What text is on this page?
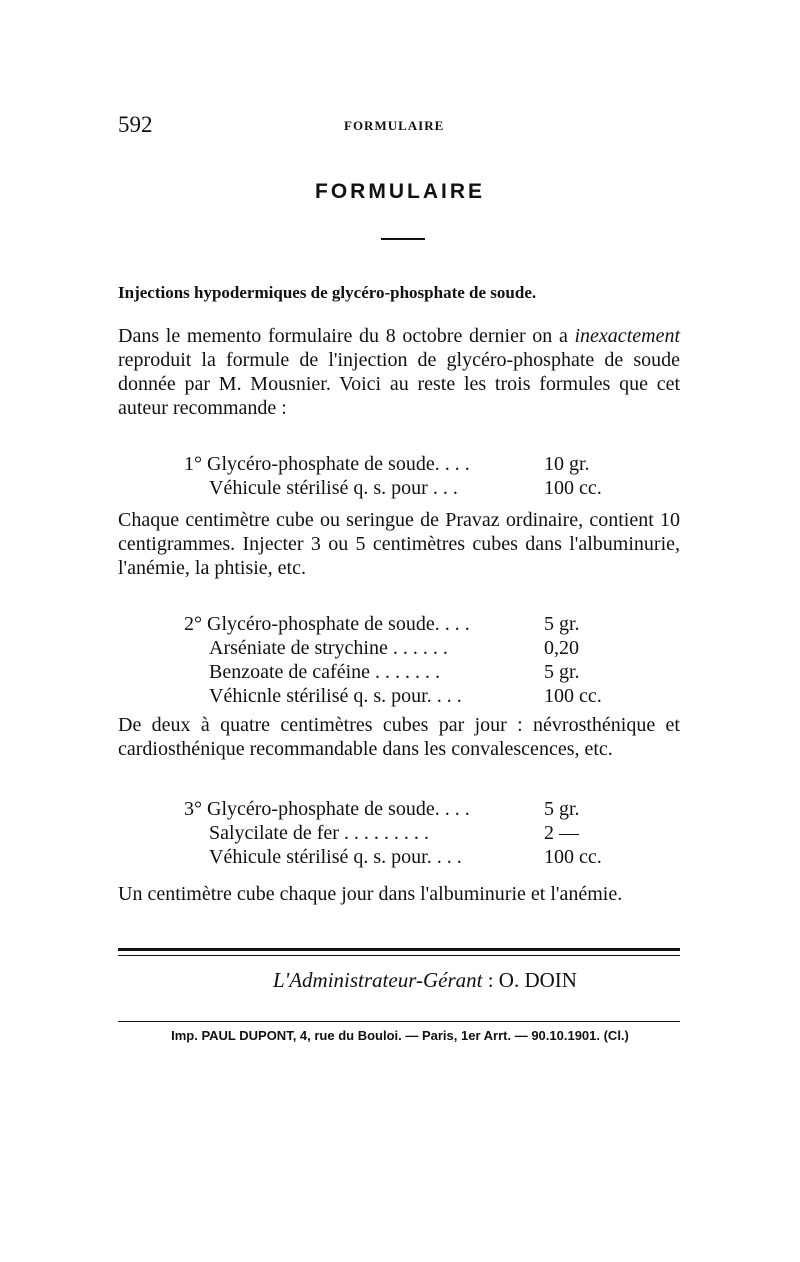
592	FORMULAIRE
FORMULAIRE
Injections hypodermiques de glycéro-phosphate de soude.
Dans le memento formulaire du 8 octobre dernier on a inexactement reproduit la formule de l'injection de glycéro-phosphate de soude donnée par M. Mousnier. Voici au reste les trois formules que cet auteur recommande :
1° Glycéro-phosphate de soude. . . .	10 gr.
Véhicule stérilisé q. s. pour . . .	100 cc.
Chaque centimètre cube ou seringue de Pravaz ordinaire, contient 10 centigrammes. Injecter 3 ou 5 centimètres cubes dans l'albuminurie, l'anémie, la phtisie, etc.
2° Glycéro-phosphate de soude. . . .	5 gr.
Arséniate de strychine . . . . . .	0,20
Benzoate de caféine . . . . . . .	5 gr.
Véhicnle stérilisé q. s. pour. . . .	100 cc.
De deux à quatre centimètres cubes par jour : névrosthénique et cardiosthénique recommandable dans les convalescences, etc.
3° Glycéro-phosphate de soude. . . .	5 gr.
Salycilate de fer . . . . . . . . .	2 —
Véhicule stérilisé q. s. pour. . . .	100 cc.
Un centimètre cube chaque jour dans l'albuminurie et l'anémie.
L'Administrateur-Gérant : O. DOIN
Imp. PAUL DUPONT, 4, rue du Bouloi. — Paris, 1er Arrt. — 90.10.1901. (Cl.)
